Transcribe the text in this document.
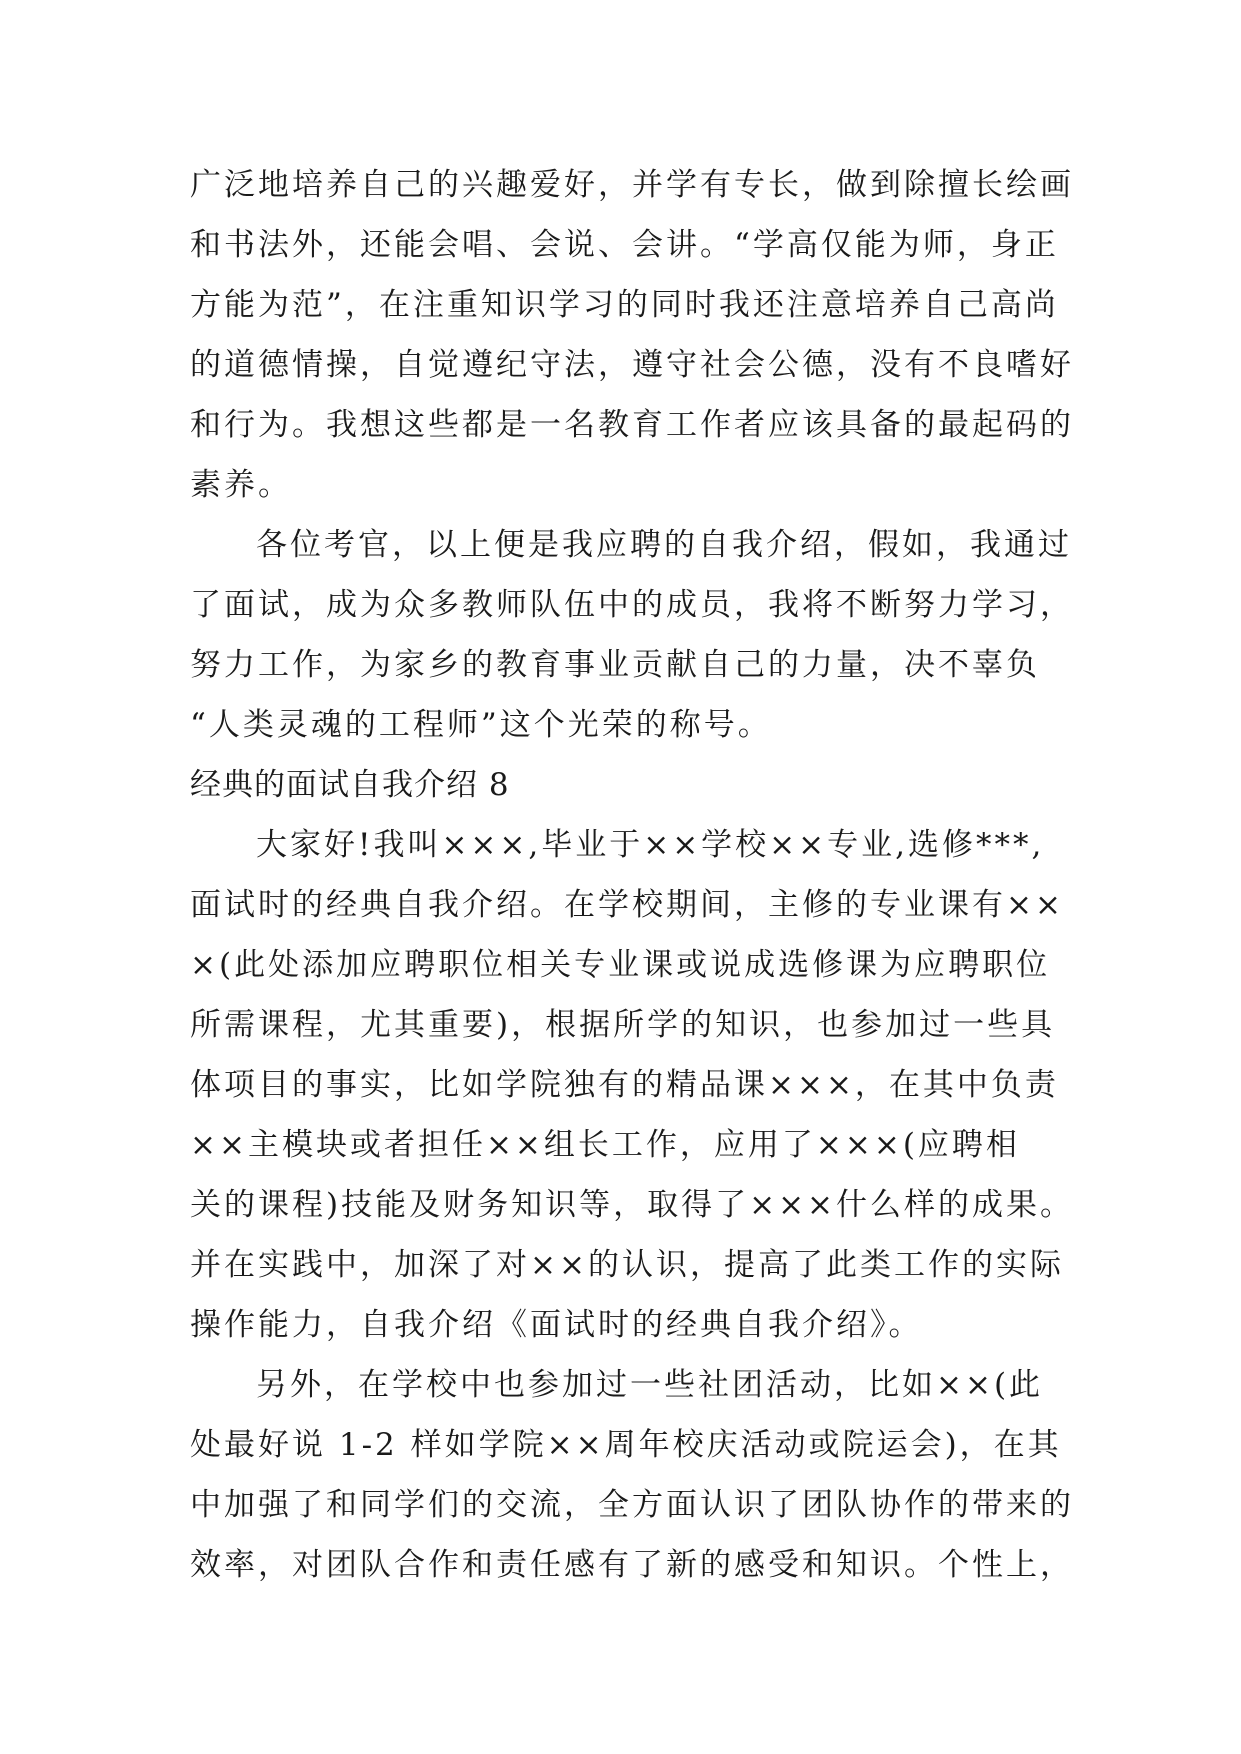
广泛地培养自己的兴趣爱好，并学有专长，做到除擅长绘画
和书法外，还能会唱、会说、会讲。“学高仅能为师，身正
方能为范”，在注重知识学习的同时我还注意培养自己高尚
的道德情操，自觉遵纪守法，遵守社会公德，没有不良嗜好
和行为。我想这些都是一名教育工作者应该具备的最起码的
素养。
各位考官，以上便是我应聘的自我介绍，假如，我通过
了面试，成为众多教师队伍中的成员，我将不断努力学习，
努力工作，为家乡的教育事业贡献自己的力量，决不辜负
“人类灵魂的工程师”这个光荣的称号。
经典的面试自我介绍 8
大家好!我叫×××,毕业于××学校××专业,选修***,
面试时的经典自我介绍。在学校期间，主修的专业课有××
×(此处添加应聘职位相关专业课或说成选修课为应聘职位
所需课程，尤其重要)，根据所学的知识，也参加过一些具
体项目的事实，比如学院独有的精品课×××，在其中负责
××主模块或者担任××组长工作，应用了×××(应聘相
关的课程)技能及财务知识等，取得了×××什么样的成果。
并在实践中，加深了对××的认识，提高了此类工作的实际
操作能力，自我介绍《面试时的经典自我介绍》。
另外，在学校中也参加过一些社团活动，比如××(此
处最好说 1-2 样如学院××周年校庆活动或院运会)，在其
中加强了和同学们的交流，全方面认识了团队协作的带来的
效率，对团队合作和责任感有了新的感受和知识。个性上，
